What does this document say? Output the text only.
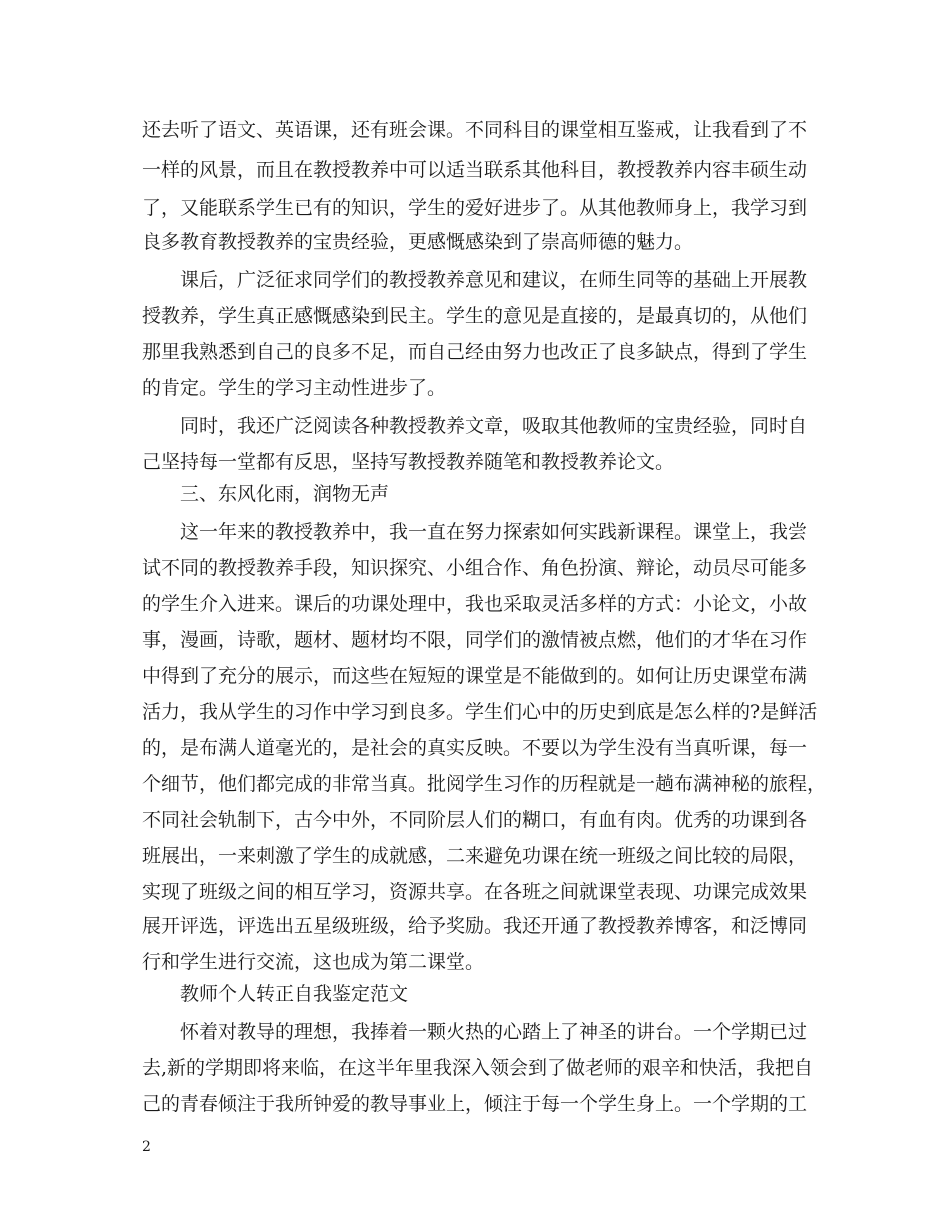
还去听了语文、英语课，还有班会课。不同科目的课堂相互鉴戒，让我看到了不
一样的风景，而且在教授教养中可以适当联系其他科目，教授教养内容丰硕生动
了，又能联系学生已有的知识，学生的爱好进步了。从其他教师身上，我学习到
良多教育教授教养的宝贵经验，更感慨感染到了崇高师德的魅力。
课后，广泛征求同学们的教授教养意见和建议，在师生同等的基础上开展教
授教养，学生真正感慨感染到民主。学生的意见是直接的，是最真切的，从他们
那里我熟悉到自己的良多不足，而自己经由努力也改正了良多缺点，得到了学生
的肯定。学生的学习主动性进步了。
同时，我还广泛阅读各种教授教养文章，吸取其他教师的宝贵经验，同时自
己坚持每一堂都有反思，坚持写教授教养随笔和教授教养论文。
三、东风化雨，润物无声
这一年来的教授教养中，我一直在努力探索如何实践新课程。课堂上，我尝
试不同的教授教养手段，知识探究、小组合作、角色扮演、辩论，动员尽可能多
的学生介入进来。课后的功课处理中，我也采取灵活多样的方式：小论文，小故
事，漫画，诗歌，题材、题材均不限，同学们的激情被点燃，他们的才华在习作
中得到了充分的展示，而这些在短短的课堂是不能做到的。如何让历史课堂布满
活力，我从学生的习作中学习到良多。学生们心中的历史到底是怎么样的?是鲜活
的，是布满人道毫光的，是社会的真实反映。不要以为学生没有当真听课，每一
个细节，他们都完成的非常当真。批阅学生习作的历程就是一趟布满神秘的旅程，
不同社会轨制下，古今中外，不同阶层人们的糊口，有血有肉。优秀的功课到各
班展出，一来刺激了学生的成就感，二来避免功课在统一班级之间比较的局限，
实现了班级之间的相互学习，资源共享。在各班之间就课堂表现、功课完成效果
展开评选，评选出五星级班级，给予奖励。我还开通了教授教养博客，和泛博同
行和学生进行交流，这也成为第二课堂。
教师个人转正自我鉴定范文
怀着对教导的理想，我捧着一颗火热的心踏上了神圣的讲台。一个学期已过
去,新的学期即将来临，在这半年里我深入领会到了做老师的艰辛和快活，我把自
己的青春倾注于我所钟爱的教导事业上，倾注于每一个学生身上。一个学期的工
2
